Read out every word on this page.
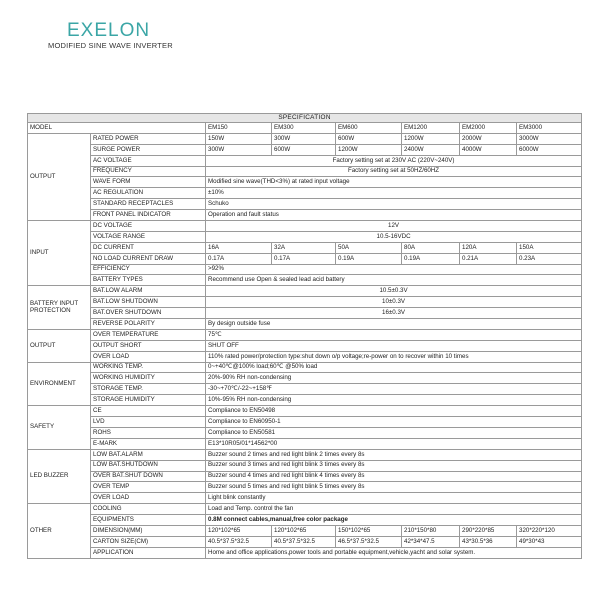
EXELON
MODIFIED SINE WAVE INVERTER
SPECIFICATION							
MODEL		EM150	EM300	EM600	EM1200	EM2000	EM3000
OUTPUT	RATED POWER	150W	300W	600W	1200W	2000W	3000W
	SURGE POWER	300W	600W	1200W	2400W	4000W	6000W
	AC VOLTAGE	Factory setting set at 230V AC (220V~240V)					
	FREQUENCY	Factory setting set at 50HZ/60HZ					
	WAVE FORM	Modified sine wave(THD<3%) at rated input voltage					
	AC REGULATION	±10%					
	STANDARD RECEPTACLES	Schuko					
	FRONT PANEL INDICATOR	Operation and fault status					
INPUT	DC VOLTAGE	12V					
	VOLTAGE RANGE	10.5-16VDC					
	DC CURRENT	16A	32A	50A	80A	120A	150A
	NO LOAD CURRENT DRAW	0.17A	0.17A	0.19A	0.19A	0.21A	0.23A
	EFFICIENCY	>92%					
	BATTERY TYPES	Recommend use Open & sealed lead acid battery					
BATTERY INPUT
PROTECTION	BAT.LOW ALARM	10.5±0.3V					
	BAT.LOW SHUTDOWN	10±0.3V					
	BAT.OVER SHUTDOWN	16±0.3V					
	REVERSE POLARITY	By design outside fuse					
OUTPUT	OVER TEMPERATURE	75℃					
	OUTPUT SHORT	SHUT OFF					
	OVER LOAD	110% rated power/protection type:shut down o/p voltage;re-power on to recover within 10 times					
ENVIRONMENT	WORKING TEMP.	0~+40℃@100% load;60℃ @50% load					
	WORKING HUMIDITY	20%-90% RH non-condensing					
	STORAGE TEMP.	-30~+70℃/-22~+158℉					
	STORAGE HUMIDITY	10%-95% RH non-condensing					
SAFETY	CE	Compliance to EN50498					
	LVD	Compliance to EN60950-1					
	ROHS	Compliance to EN50581					
	E-MARK	E13*10R05/01*14562*00					
LED BUZZER	LOW BAT.ALARM	Buzzer sound 2 times and red light blink 2 times every 8s					
	LOW BAT.SHUTDOWN	Buzzer sound 3 times and red light blink 3 times every 8s					
	OVER BAT.SHUT DOWN	Buzzer sound 4 times and red light blink 4 times every 8s					
	OVER TEMP	Buzzer sound 5 times and red light blink 5 times every 8s					
	OVER LOAD	Light blink constantly					
OTHER	COOLING	Load and Temp. control the fan					
	EQUIPMENTS	0.8M connect cables,manual,free color package					
	DIMENSION(MM)	120*102*65	120*102*65	150*102*65	210*150*80	290*220*85	320*220*120
	CARTON SIZE(CM)	40.5*37.5*32.5	40.5*37.5*32.5	46.5*37.5*32.5	42*34*47.5	43*30.5*36	49*30*43
	APPLICATION	Home and office applications,power tools and portable equipment,vehicle,yacht and solar system.					
